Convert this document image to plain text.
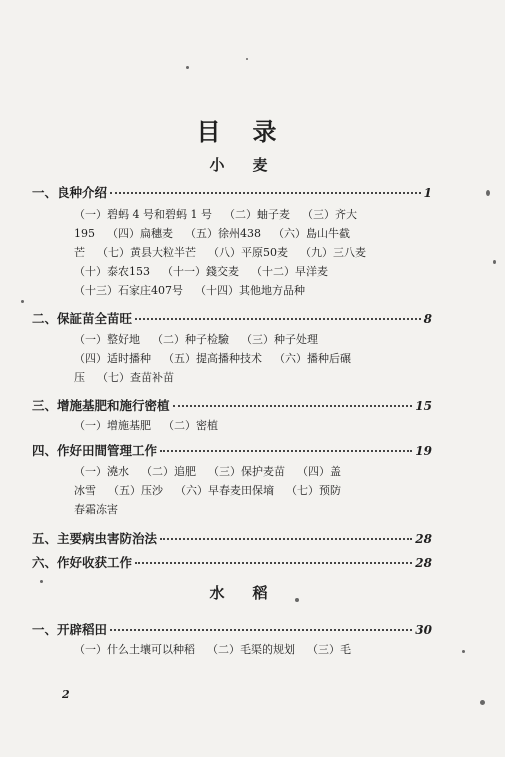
目录
小麦
一、良种介绍	1
（一）碧蚂 4 号和碧蚂 1 号 （二）蚰子麦 （三）齐大
195 （四）扁穗麦 （五）徐州438 （六）島山牛截
芒 （七）黄县大粒半芒 （八）平原50麦 （九）三八麦
（十）泰农153 （十一）錢交麦 （十二）早洋麦
（十三）石家庄407号 （十四）其他地方品种
二、保証苗全苗旺	8
（一）整好地 （二）种子检驗 （三）种子处理
（四）适时播种 （五）提高播种技术 （六）播种后碾
压 （七）查苗补苗
三、增施基肥和施行密植	15
（一）增施基肥 （二）密植
四、作好田間管理工作	19
（一）澆水 （二）追肥 （三）保护麦苗 （四）盖
冰雪 （五）压沙 （六）早春麦田保墒 （七）预防
春霜冻害
五、主要病虫害防治法	28
六、作好收获工作	28
水稻
一、开辟稻田	30
（一）什么土壤可以种稻 （二）毛渠的规划 （三）毛
2
